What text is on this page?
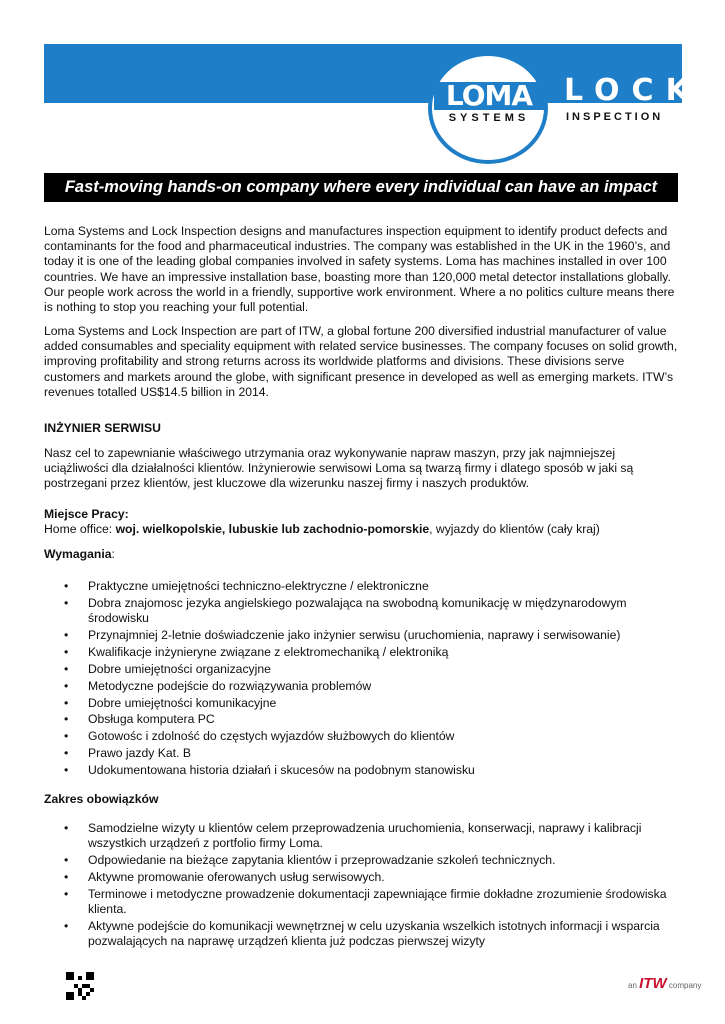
LOMA
SYSTEMS
LOCK
INSPECTION
Fast-moving hands-on company where every individual can have an impact
Loma Systems and Lock Inspection designs and manufactures inspection equipment to identify product defects and
contaminants for the food and pharmaceutical industries. The company was established in the UK in the 1960’s, and
today it is one of the leading global companies involved in safety systems. Loma has machines installed in over 100
countries. We have an impressive installation base, boasting more than 120,000 metal detector installations globally.
Our people work across the world in a friendly, supportive work environment. Where a no politics culture means there
is nothing to stop you reaching your full potential.
Loma Systems and Lock Inspection are part of ITW, a global fortune 200 diversified industrial manufacturer of value
added consumables and speciality equipment with related service businesses. The company focuses on solid growth,
improving profitability and strong returns across its worldwide platforms and divisions. These divisions serve
customers and markets around the globe, with significant presence in developed as well as emerging markets. ITW’s
revenues totalled US$14.5 billion in 2014.
INŻYNIER SERWISU
Nasz cel to zapewnianie właściwego utrzymania oraz wykonywanie napraw maszyn, przy jak najmniejszej
uciążliwości dla działalności klientów. Inżynierowie serwisowi Loma są twarzą firmy i dlatego sposób w jaki są
postrzegani przez klientów, jest kluczowe dla wizerunku naszej firmy i naszych produktów.
Miejsce Pracy:
Home office: woj. wielkopolskie, lubuskie lub zachodnio-pomorskie, wyjazdy do klientów (cały kraj)
Wymagania:
• Praktyczne umiejętności techniczno-elektryczne / elektroniczne
• Dobra znajomosc jezyka angielskiego pozwalająca na swobodną komunikację w międzynarodowym środowisku
• Przynajmniej 2-letnie doświadczenie jako inżynier serwisu (uruchomienia, naprawy i serwisowanie)
• Kwalifikacje inżynieryne związane z elektromechaniką / elektroniką
• Dobre umiejętności organizacyjne
• Metodyczne podejście do rozwiązywania problemów
• Dobre umiejętności komunikacyjne
• Obsługa komputera PC
• Gotowośc i zdolność do częstych wyjazdów służbowych do klientów
• Prawo jazdy Kat. B
• Udokumentowana historia działań i skucesów na podobnym stanowisku
Zakres obowiązków
• Samodzielne wizyty u klientów celem przeprowadzenia uruchomienia, konserwacji, naprawy i kalibracji wszystkich urządzeń z portfolio firmy Loma.
• Odpowiedanie na bieżące zapytania klientów i przeprowadzanie szkoleń technicznych.
• Aktywne promowanie oferowanych usług serwisowych.
• Terminowe i metodyczne prowadzenie dokumentacji zapewniające firmie dokładne zrozumienie środowiska klienta.
• Aktywne podejście do komunikacji wewnętrznej w celu uzyskania wszelkich istotnych informacji i wsparcia pozwalających na naprawę urządzeń klienta już podczas pierwszej wizyty
an ITW company
